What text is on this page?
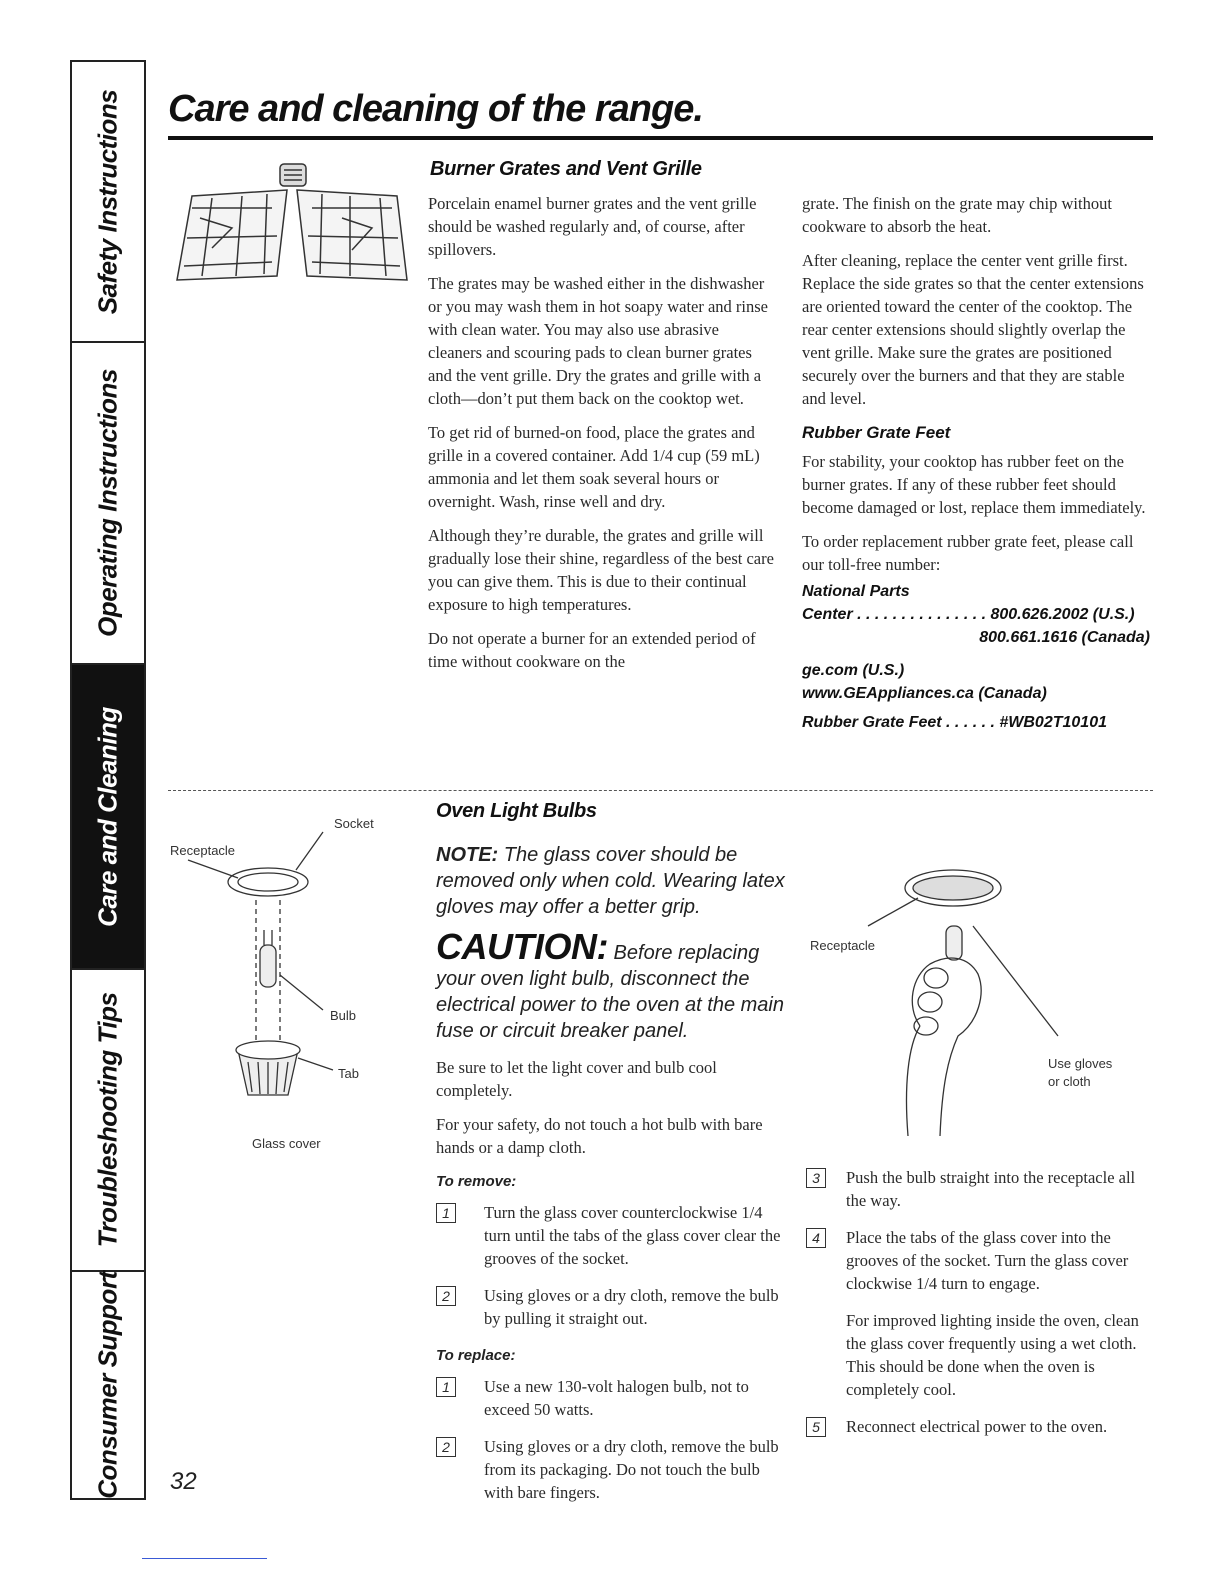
Safety Instructions
Operating Instructions
Care and Cleaning
Troubleshooting Tips
Consumer Support
Care and cleaning of the range.
Burner Grates and Vent Grille

Porcelain enamel burner grates and the vent grille should be washed regularly and, of course, after spillovers.

The grates may be washed either in the dishwasher or you may wash them in hot soapy water and rinse with clean water. You may also use abrasive cleaners and scouring pads to clean burner grates and the vent grille. Dry the grates and grille with a cloth—don’t put them back on the cooktop wet.

To get rid of burned-on food, place the grates and grille in a covered container. Add 1/4 cup (59 mL) ammonia and let them soak several hours or overnight. Wash, rinse well and dry.

Although they’re durable, the grates and grille will gradually lose their shine, regardless of the best care you can give them. This is due to their continual exposure to high temperatures.

Do not operate a burner for an extended period of time without cookware on the

grate. The finish on the grate may chip without cookware to absorb the heat.

After cleaning, replace the center vent grille first. Replace the side grates so that the center extensions are oriented toward the center of the cooktop. The rear center extensions should slightly overlap the vent grille. Make sure the grates are positioned securely over the burners and that they are stable and level.

Rubber Grate Feet

For stability, your cooktop has rubber feet on the burner grates. If any of these rubber feet should become damaged or lost, replace them immediately.

To order replacement rubber grate feet, please call our toll-free number:

National Parts
Center . . . . . . . . . . . . . . . 800.626.2002 (U.S.)
800.661.1616 (Canada)
ge.com (U.S.)
www.GEAppliances.ca (Canada)
Rubber Grate Feet . . . . . . #WB02T10101
Receptacle
Socket
Bulb
Tab
Glass cover
Oven Light Bulbs
NOTE: The glass cover should be removed only when cold. Wearing latex gloves may offer a better grip.
CAUTION: Before replacing your oven light bulb, disconnect the electrical power to the oven at the main fuse or circuit breaker panel.

Be sure to let the light cover and bulb cool completely.

For your safety, do not touch a hot bulb with bare hands or a damp cloth.

To remove:
1	Turn the glass cover counterclockwise 1/4 turn until the tabs of the glass cover clear the grooves of the socket.
2	Using gloves or a dry cloth, remove the bulb by pulling it straight out.
To replace:
1	Use a new 130-volt halogen bulb, not to exceed 50 watts.
2	Using gloves or a dry cloth, remove the bulb from its packaging. Do not touch the bulb with bare fingers.
Receptacle
Use gloves
or cloth
3	Push the bulb straight into the receptacle all the way.
4	Place the tabs of the glass cover into the grooves of the socket. Turn the glass cover clockwise 1/4 turn to engage.

For improved lighting inside the oven, clean the glass cover frequently using a wet cloth. This should be done when the oven is completely cool.

5	Reconnect electrical power to the oven.
32
